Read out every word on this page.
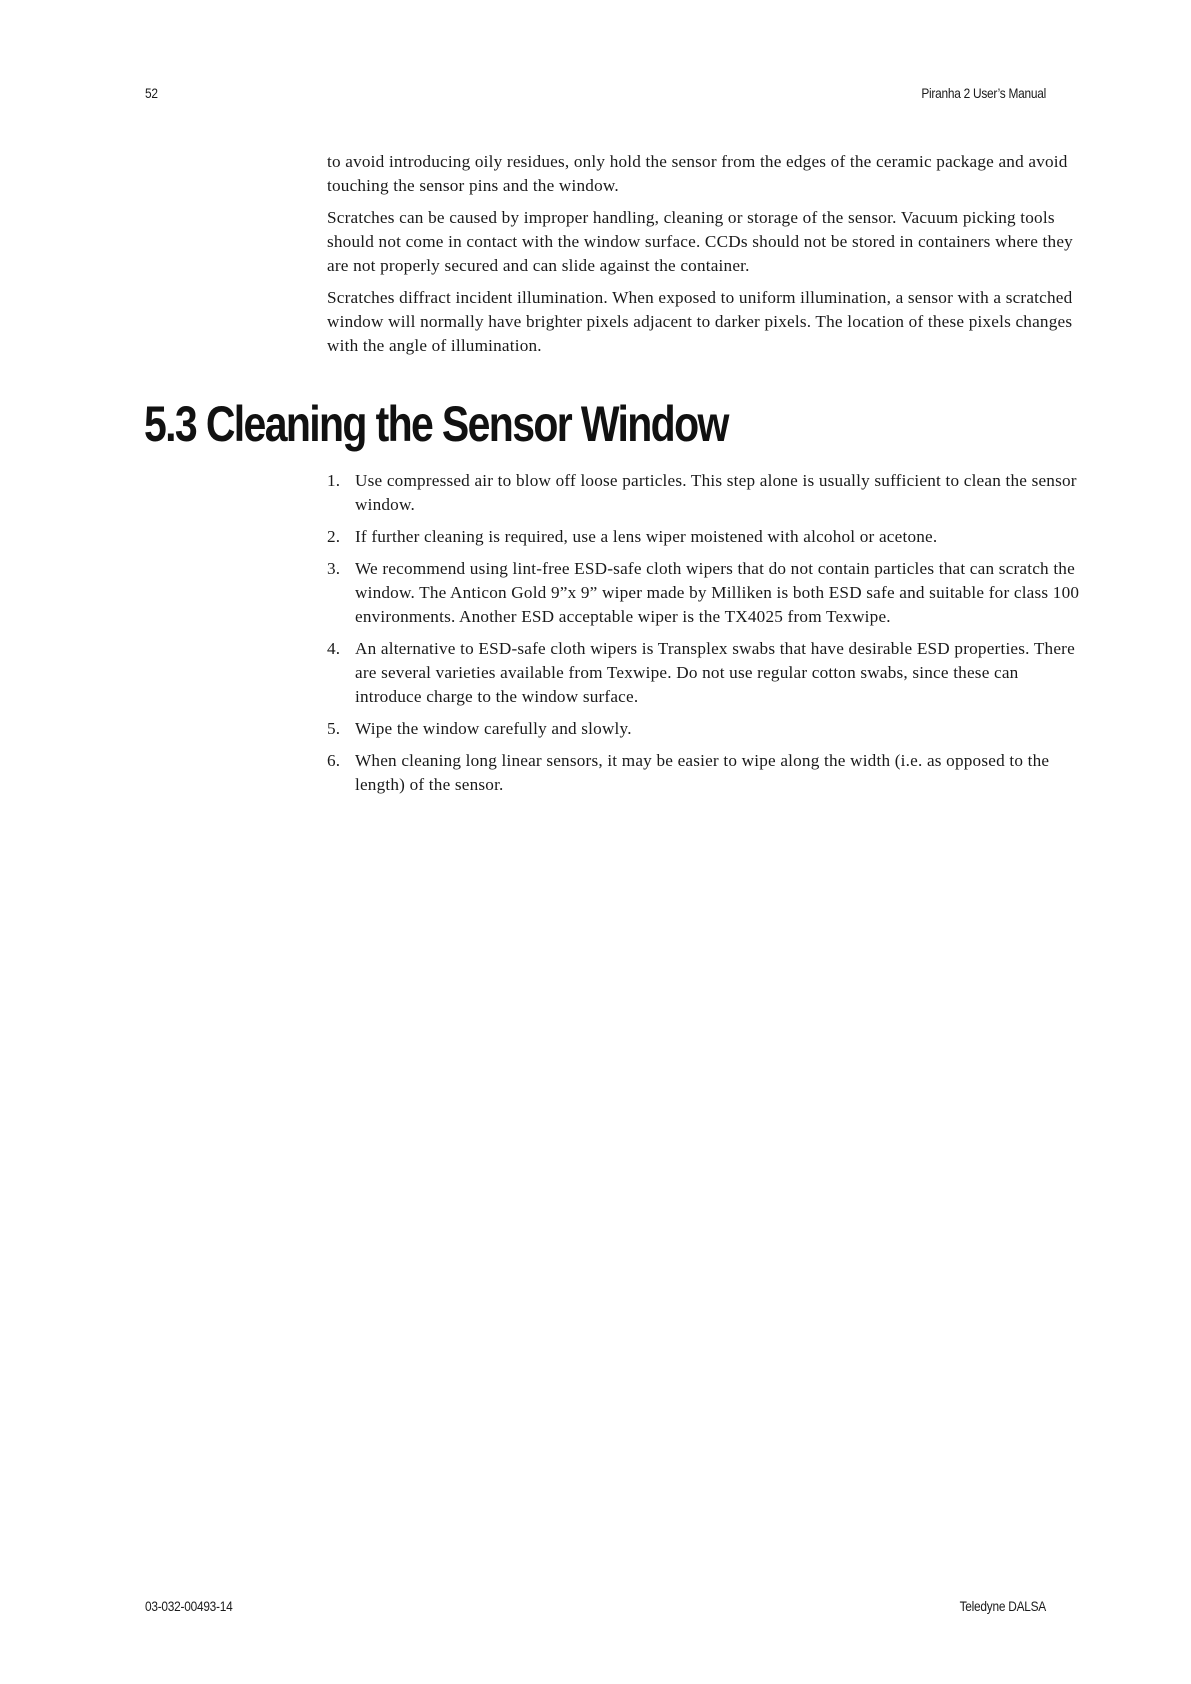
52	Piranha 2 User’s Manual

to avoid introducing oily residues, only hold the sensor from the edges of the ceramic package and avoid touching the sensor pins and the window.

Scratches can be caused by improper handling, cleaning or storage of the sensor. Vacuum picking tools should not come in contact with the window surface. CCDs should not be stored in containers where they are not properly secured and can slide against the container.

Scratches diffract incident illumination. When exposed to uniform illumination, a sensor with a scratched window will normally have brighter pixels adjacent to darker pixels. The location of these pixels changes with the angle of illumination.

5.3 Cleaning the Sensor Window
1. Use compressed air to blow off loose particles. This step alone is usually sufficient to clean the sensor window.
2. If further cleaning is required, use a lens wiper moistened with alcohol or acetone.
3. We recommend using lint-free ESD-safe cloth wipers that do not contain particles that can scratch the window. The Anticon Gold 9”x 9” wiper made by Milliken is both ESD safe and suitable for class 100 environments. Another ESD acceptable wiper is the TX4025 from Texwipe.
4. An alternative to ESD-safe cloth wipers is Transplex swabs that have desirable ESD properties. There are several varieties available from Texwipe. Do not use regular cotton swabs, since these can introduce charge to the window surface.
5. Wipe the window carefully and slowly.
6. When cleaning long linear sensors, it may be easier to wipe along the width (i.e. as opposed to the length) of the sensor.
03-032-00493-14	Teledyne DALSA
